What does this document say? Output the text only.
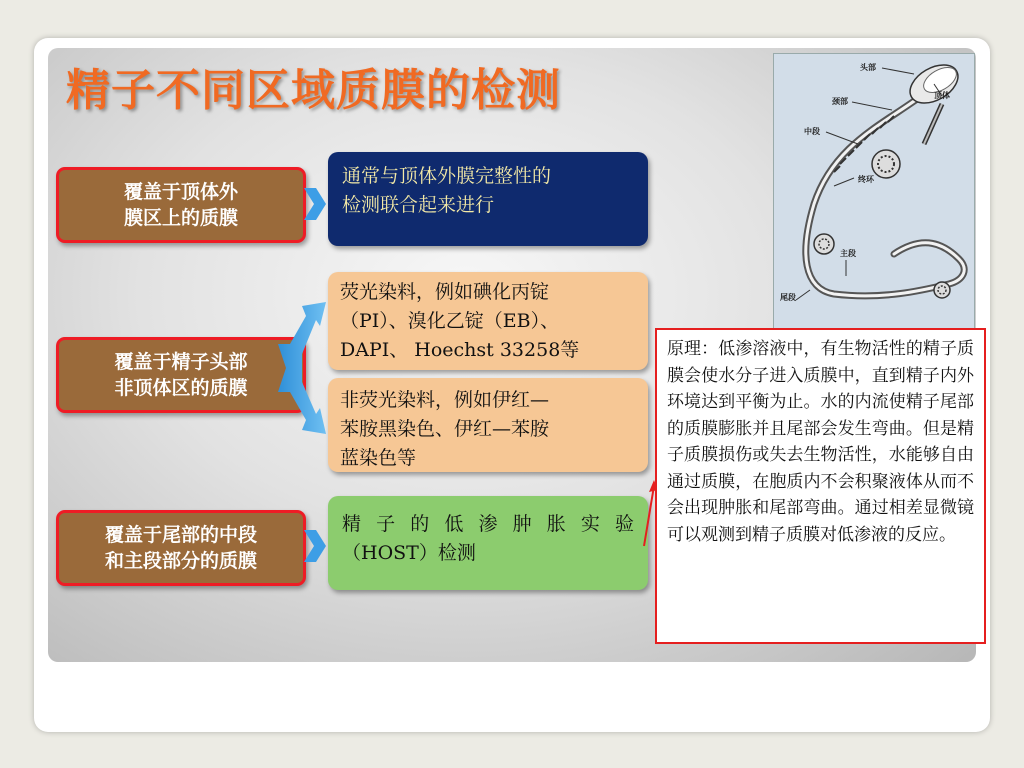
精子不同区域质膜的检测
覆盖于顶体外
膜区上的质膜
覆盖于精子头部
非顶体区的质膜
覆盖于尾部的中段
和主段部分的质膜

通常与顶体外膜完整性的

检测联合起来进行

荧光染料，例如碘化丙锭

（PI）、溴化乙锭（EB）、

DAPI、 Hoechst 33258等

非荧光染料，例如伊红—

苯胺黑染色、伊红—苯胺

蓝染色等

精子的低渗肿胀实验

（HOST）检测

头部
颈部
顶体
中段
终环
主段
尾段
原理：低渗溶液中，有生物活性的精子质膜会使水分子进入质膜中，直到精子内外环境达到平衡为止。水的内流使精子尾部的质膜膨胀并且尾部会发生弯曲。但是精子质膜损伤或失去生物活性，水能够自由通过质膜，在胞质内不会积聚液体从而不会出现肿胀和尾部弯曲。通过相差显微镜可以观测到精子质膜对低渗液的反应。
